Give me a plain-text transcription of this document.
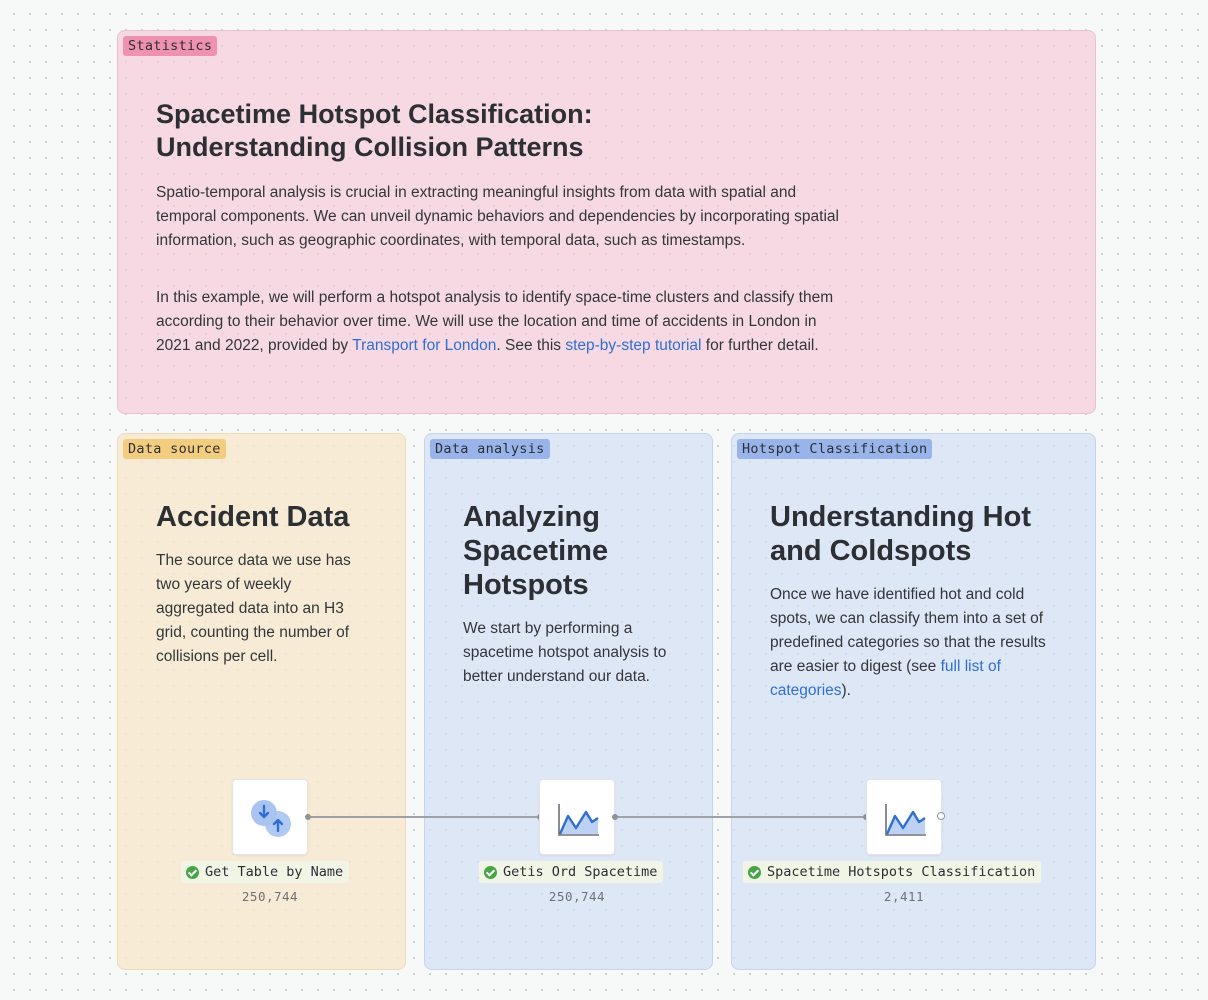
Statistics
Spacetime Hotspot Classification:
Understanding Collision Patterns

Spatio-temporal analysis is crucial in extracting meaningful insights from data with spatial and temporal components. We can unveil dynamic behaviors and dependencies by incorporating spatial information, such as geographic coordinates, with temporal data, such as timestamps.

In this example, we will perform a hotspot analysis to identify space-time clusters and classify them according to their behavior over time. We will use the location and time of accidents in London in 2021 and 2022, provided by Transport for London. See this step-by-step tutorial for further detail.

Data source
Accident Data

The source data we use has two years of weekly aggregated data into an H3 grid, counting the number of collisions per cell.

Data analysis
Analyzing Spacetime Hotspots

We start by performing a spacetime hotspot analysis to better understand our data.

Hotspot Classification
Understanding Hot and Coldspots

Once we have identified hot and cold spots, we can classify them into a set of predefined categories so that the results are easier to digest (see full list of categories).

Get Table by Name
250,744
Getis Ord Spacetime
250,744
Spacetime Hotspots Classification
2,411
